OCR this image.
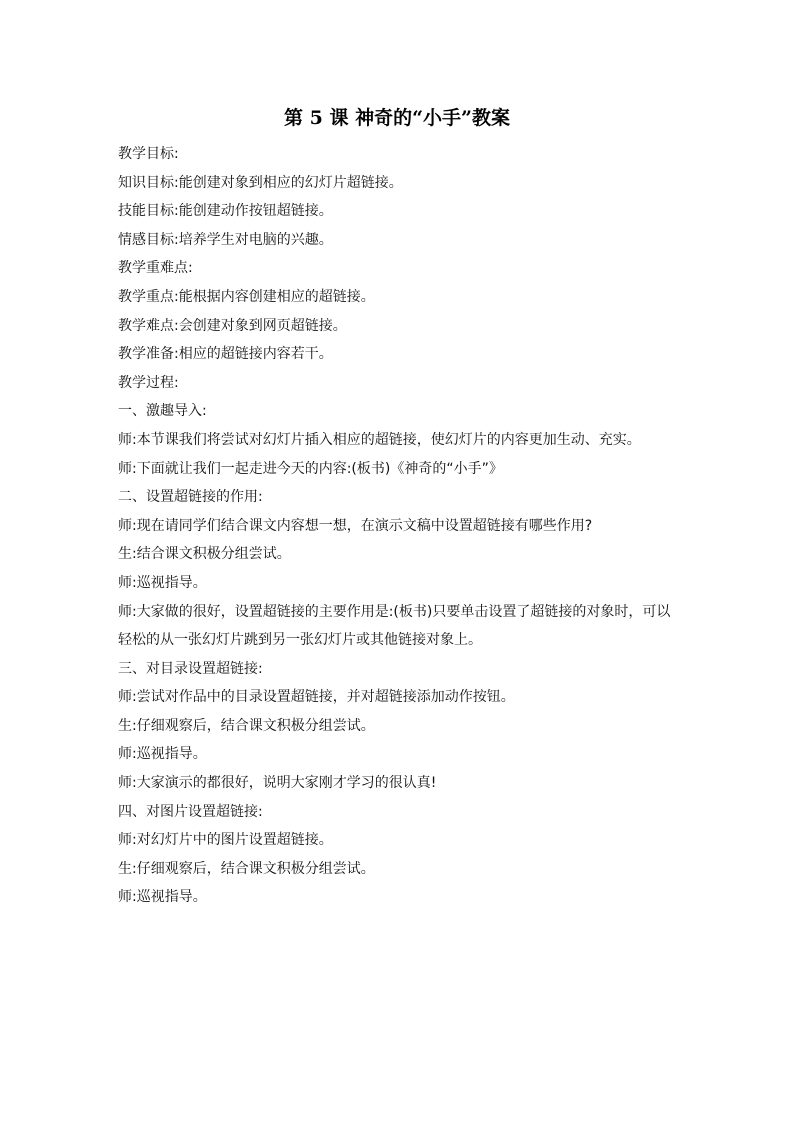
第 5 课 神奇的“小手”教案

教学目标:

知识目标:能创建对象到相应的幻灯片超链接。

技能目标:能创建动作按钮超链接。

情感目标:培养学生对电脑的兴趣。

教学重难点:

教学重点:能根据内容创建相应的超链接。

教学难点:会创建对象到网页超链接。

教学准备:相应的超链接内容若干。

教学过程:

一、激趣导入:

师:本节课我们将尝试对幻灯片插入相应的超链接，使幻灯片的内容更加生动、充实。

师:下面就让我们一起走进今天的内容:(板书)《神奇的“小手”》

二、设置超链接的作用:

师:现在请同学们结合课文内容想一想，在演示文稿中设置超链接有哪些作用?

生:结合课文积极分组尝试。

师:巡视指导。

师:大家做的很好，设置超链接的主要作用是:(板书)只要单击设置了超链接的对象时，可以轻松的从一张幻灯片跳到另一张幻灯片或其他链接对象上。

三、对目录设置超链接:

师:尝试对作品中的目录设置超链接，并对超链接添加动作按钮。

生:仔细观察后，结合课文积极分组尝试。

师:巡视指导。

师:大家演示的都很好，说明大家刚才学习的很认真!

四、对图片设置超链接:

师:对幻灯片中的图片设置超链接。

生:仔细观察后，结合课文积极分组尝试。

师:巡视指导。
